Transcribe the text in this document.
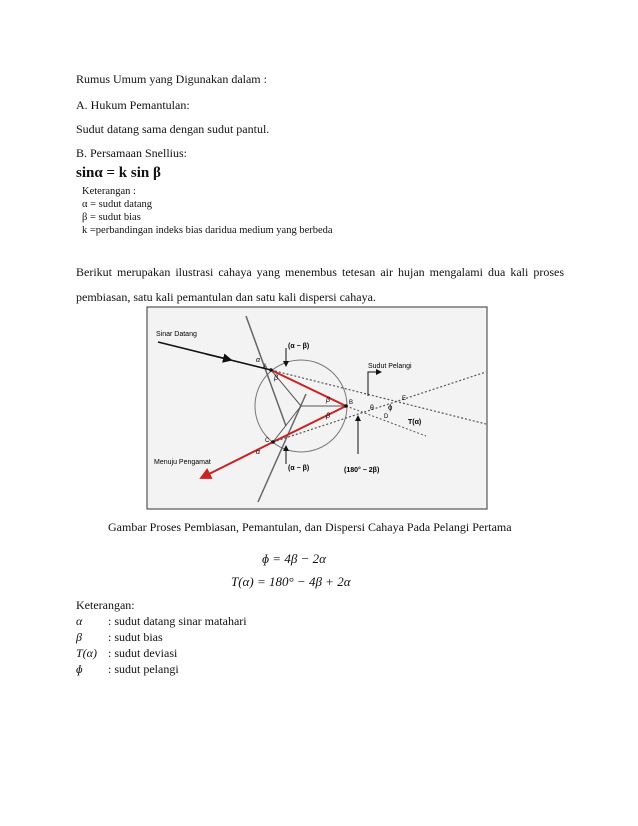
Rumus Umum yang Digunakan dalam :
A. Hukum Pemantulan:
Sudut datang sama dengan sudut pantul.
B. Persamaan Snellius:
sinα = k sin β
Keterangan :
α = sudut datang
β = sudut bias
k =perbandingan indeks bias daridua medium yang berbeda
Berikut merupakan ilustrasi cahaya yang menembus tetesan air hujan mengalami dua kali proses pembiasan, satu kali pemantulan dan satu kali dispersi cahaya.
Sinar Datang
Menuju Pengamat
Sudut Pelangi
(α − β)
(α − β)	(180° − 2β)
T(α)
α
β
β
β
α
ɸ
θ
A
B
C
D
E
Gambar Proses Pembiasan, Pemantulan, dan Dispersi Cahaya Pada Pelangi Pertama
ɸ = 4β − 2α
T(α) = 180° − 4β + 2α
Keterangan:
α : sudut datang sinar matahari
β : sudut bias
T(α) : sudut deviasi
ɸ : sudut pelangi
